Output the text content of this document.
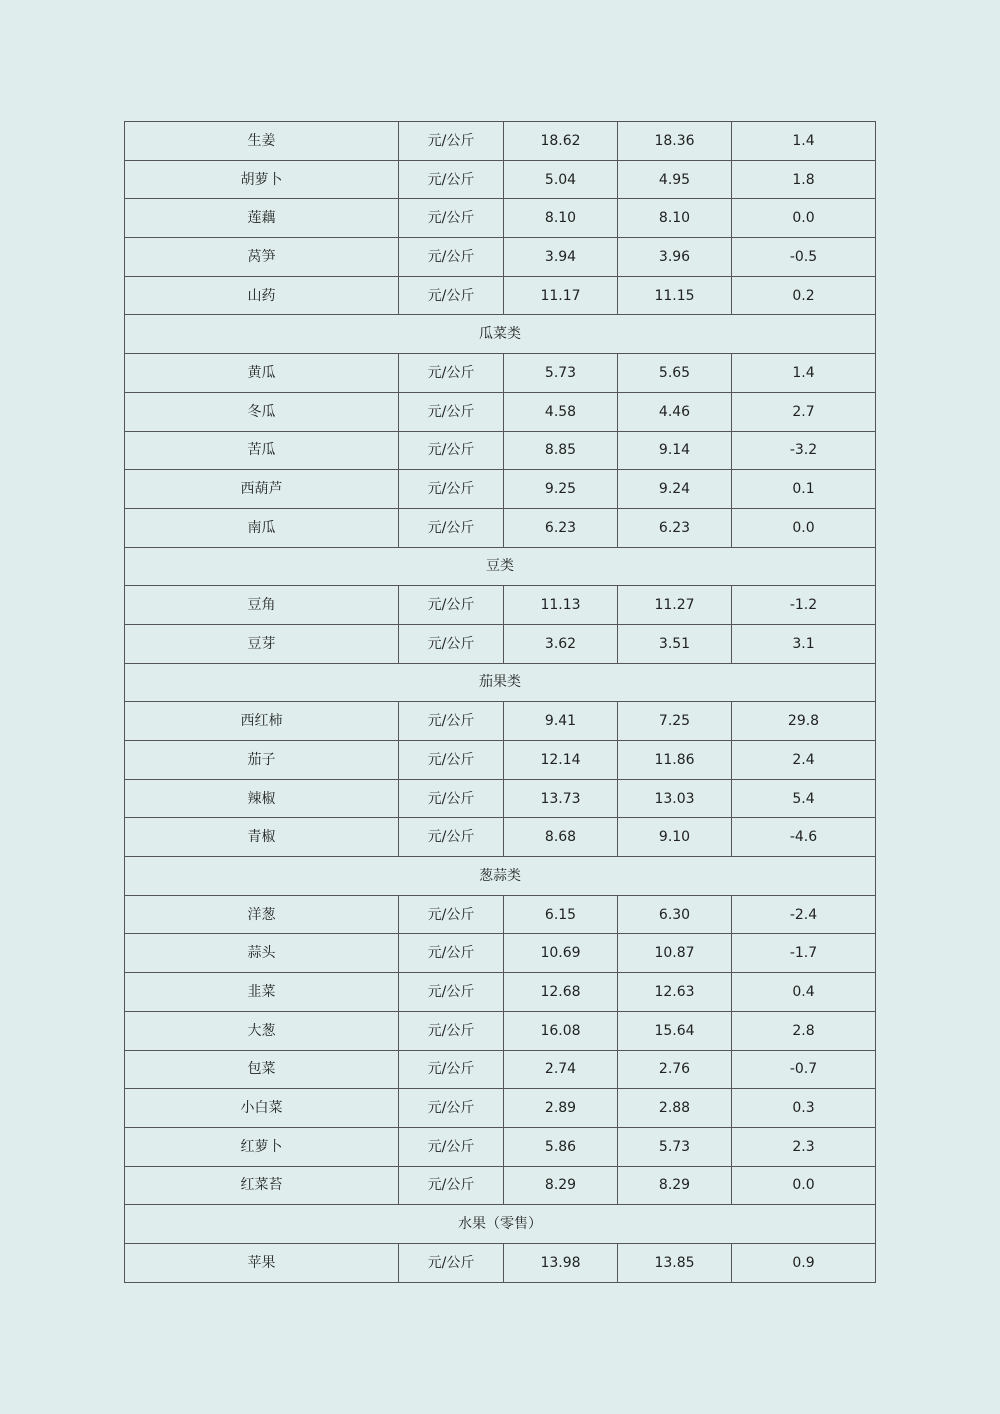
生姜	元/公斤	18.62	18.36	1.4
胡萝卜	元/公斤	5.04	4.95	1.8
莲藕	元/公斤	8.10	8.10	0.0
莴笋	元/公斤	3.94	3.96	-0.5
山药	元/公斤	11.17	11.15	0.2
瓜菜类				
黄瓜	元/公斤	5.73	5.65	1.4
冬瓜	元/公斤	4.58	4.46	2.7
苦瓜	元/公斤	8.85	9.14	-3.2
西葫芦	元/公斤	9.25	9.24	0.1
南瓜	元/公斤	6.23	6.23	0.0
豆类				
豆角	元/公斤	11.13	11.27	-1.2
豆芽	元/公斤	3.62	3.51	3.1
茄果类				
西红柿	元/公斤	9.41	7.25	29.8
茄子	元/公斤	12.14	11.86	2.4
辣椒	元/公斤	13.73	13.03	5.4
青椒	元/公斤	8.68	9.10	-4.6
葱蒜类				
洋葱	元/公斤	6.15	6.30	-2.4
蒜头	元/公斤	10.69	10.87	-1.7
韭菜	元/公斤	12.68	12.63	0.4
大葱	元/公斤	16.08	15.64	2.8
包菜	元/公斤	2.74	2.76	-0.7
小白菜	元/公斤	2.89	2.88	0.3
红萝卜	元/公斤	5.86	5.73	2.3
红菜苔	元/公斤	8.29	8.29	0.0
水果（零售）				
苹果	元/公斤	13.98	13.85	0.9
